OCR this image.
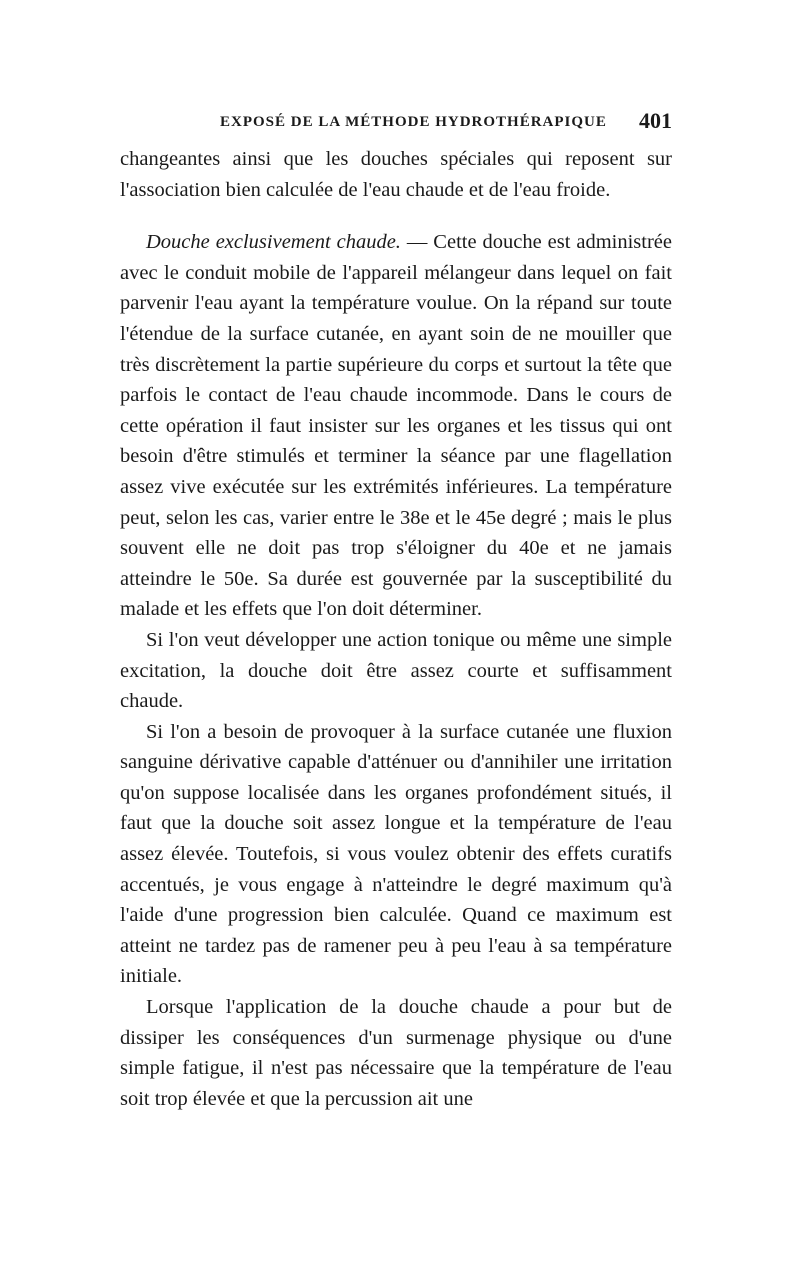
EXPOSÉ DE LA MÉTHODE HYDROTHÉRAPIQUE 401

changeantes ainsi que les douches spéciales qui reposent sur l'association bien calculée de l'eau chaude et de l'eau froide.

Douche exclusivement chaude. — Cette douche est administrée avec le conduit mobile de l'appareil mélangeur dans lequel on fait parvenir l'eau ayant la température voulue. On la répand sur toute l'étendue de la surface cutanée, en ayant soin de ne mouiller que très discrètement la partie supérieure du corps et surtout la tête que parfois le contact de l'eau chaude incommode. Dans le cours de cette opération il faut insister sur les organes et les tissus qui ont besoin d'être stimulés et terminer la séance par une flagellation assez vive exécutée sur les extrémités inférieures. La température peut, selon les cas, varier entre le 38e et le 45e degré ; mais le plus souvent elle ne doit pas trop s'éloigner du 40e et ne jamais atteindre le 50e. Sa durée est gouvernée par la susceptibilité du malade et les effets que l'on doit déterminer.

Si l'on veut développer une action tonique ou même une simple excitation, la douche doit être assez courte et suffisamment chaude.

Si l'on a besoin de provoquer à la surface cutanée une fluxion sanguine dérivative capable d'atténuer ou d'annihiler une irritation qu'on suppose localisée dans les organes profondément situés, il faut que la douche soit assez longue et la température de l'eau assez élevée. Toutefois, si vous voulez obtenir des effets curatifs accentués, je vous engage à n'atteindre le degré maximum qu'à l'aide d'une progression bien calculée. Quand ce maximum est atteint ne tardez pas de ramener peu à peu l'eau à sa température initiale.

Lorsque l'application de la douche chaude a pour but de dissiper les conséquences d'un surmenage physique ou d'une simple fatigue, il n'est pas nécessaire que la température de l'eau soit trop élevée et que la percussion ait une
